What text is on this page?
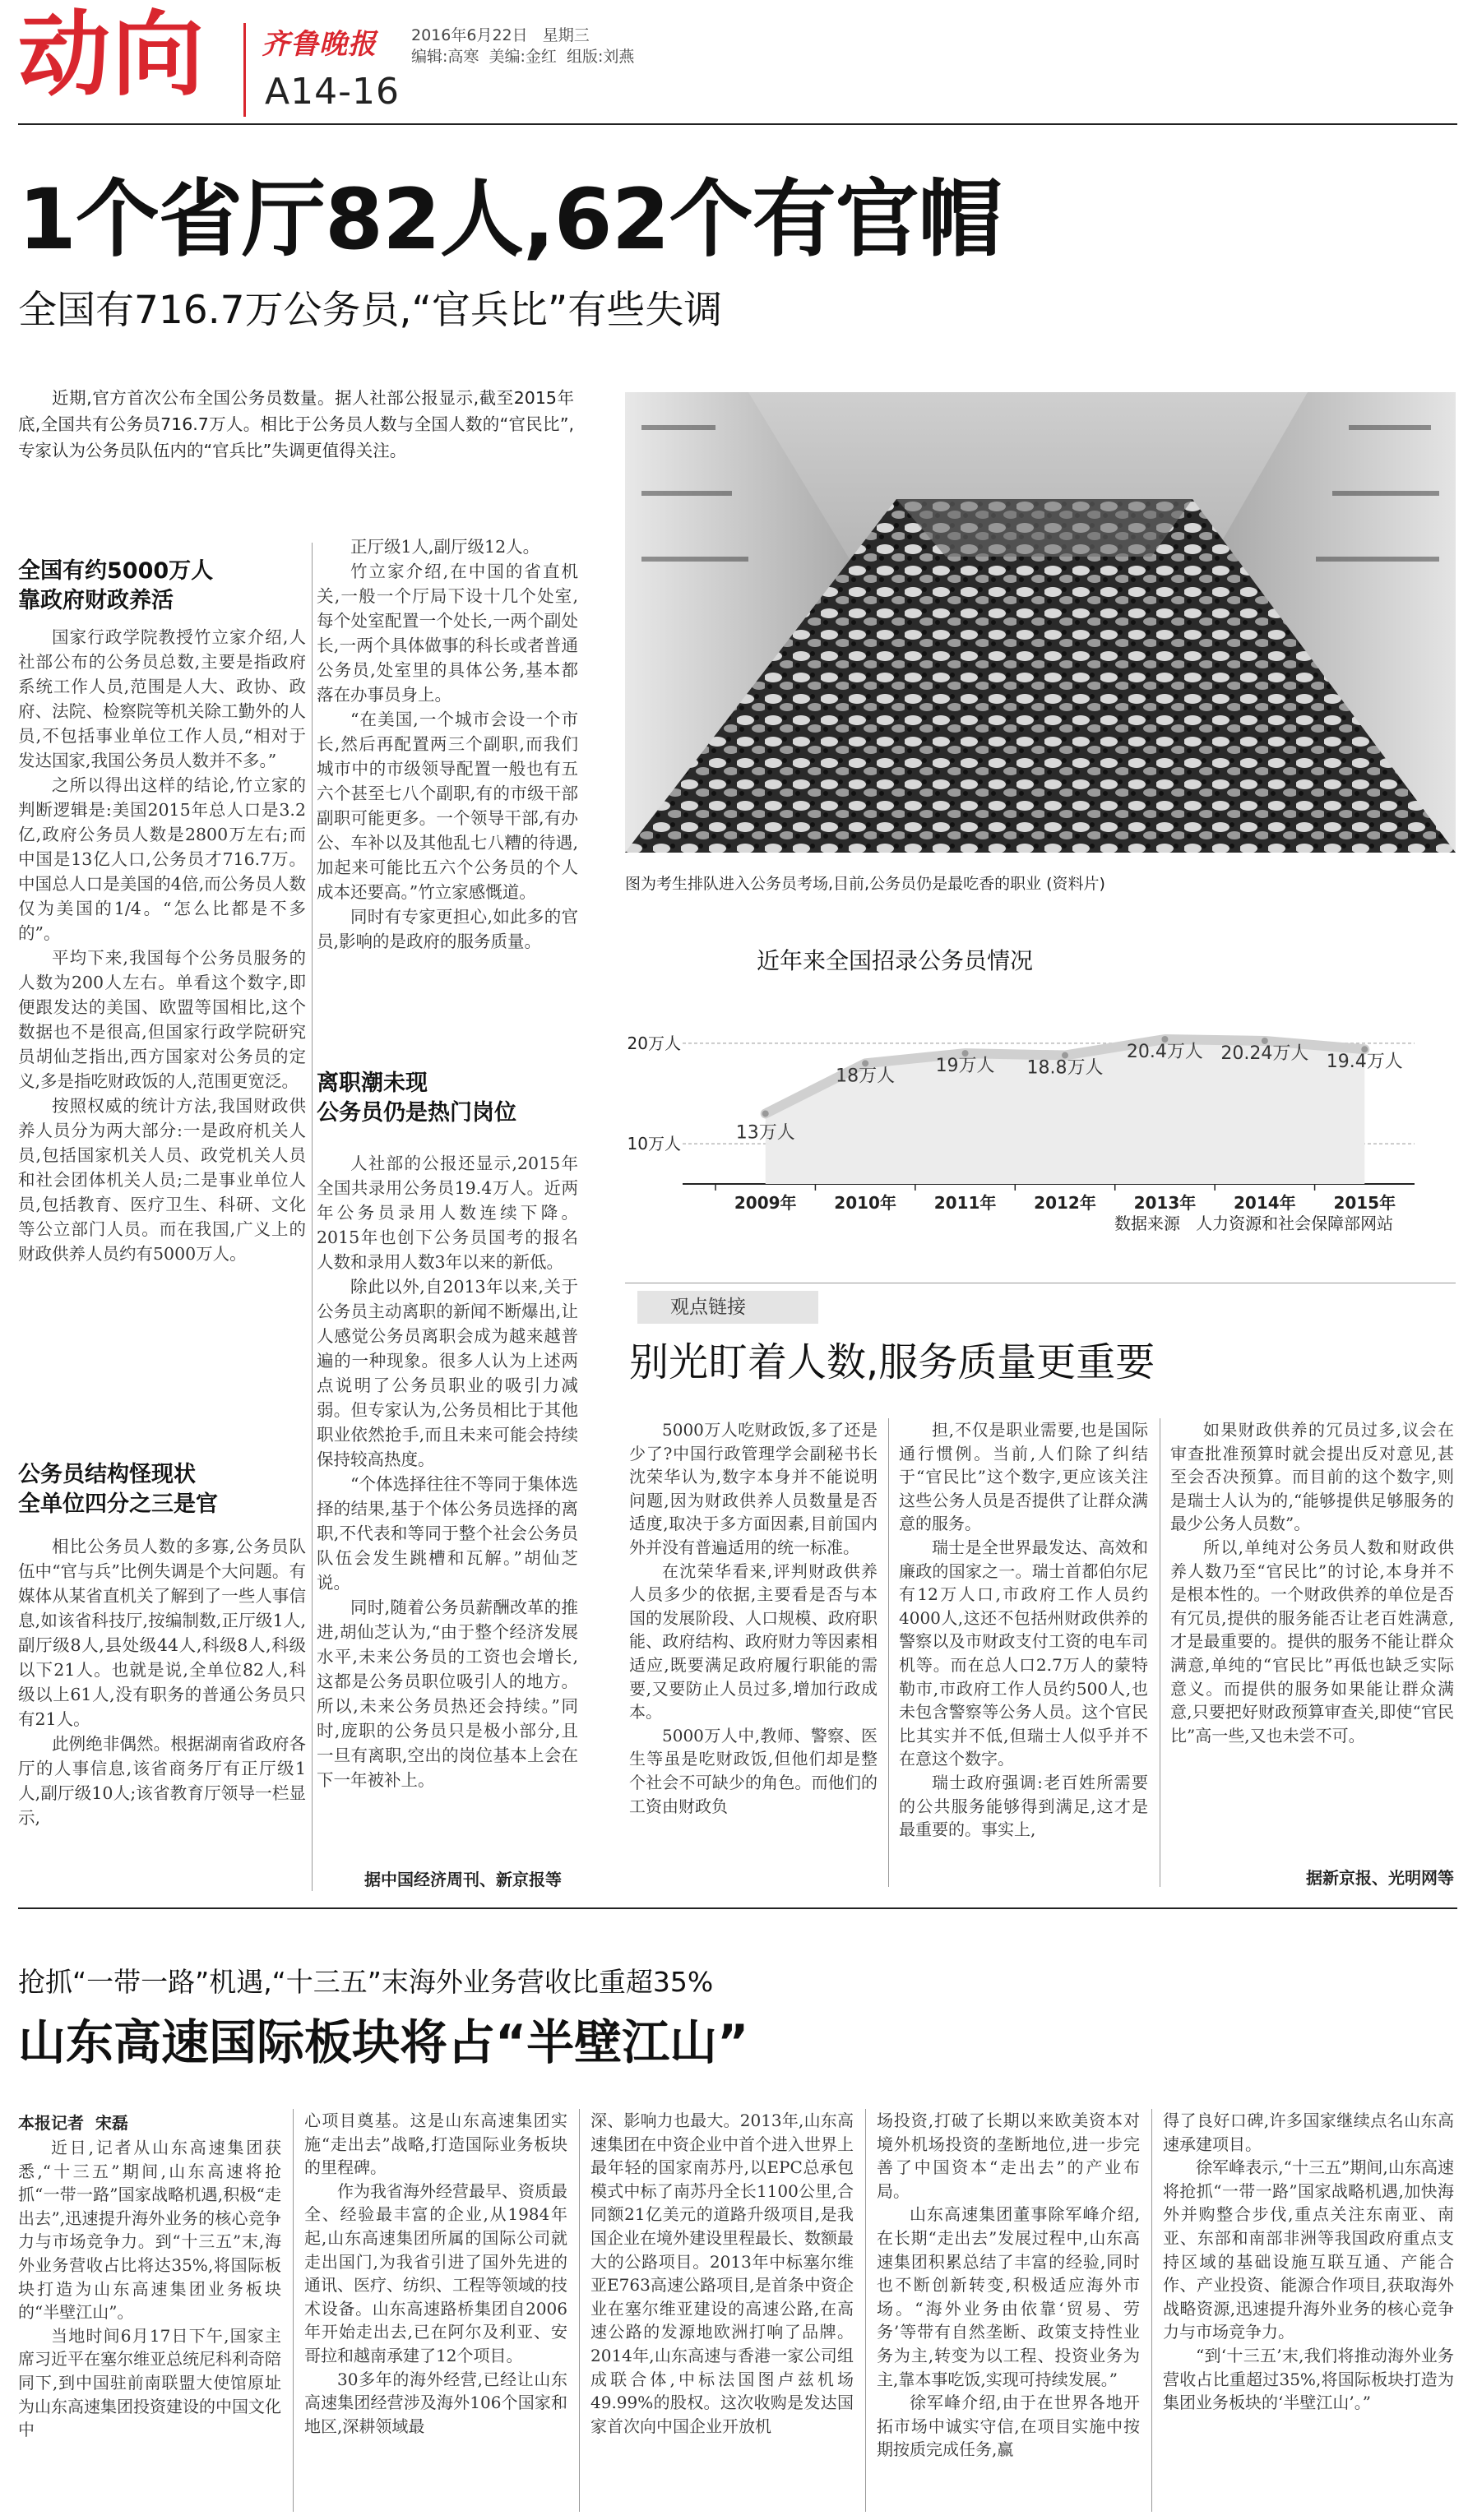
动向 齐鲁晚报 2016年6月22日 星期三
编辑:高寒  美编:金红  组版:刘燕
A14-16
1个省厅82人,62个有官帽
全国有716.7万公务员,“官兵比”有些失调
近期,官方首次公布全国公务员数量。据人社部公报显示,截至2015年底,全国共有公务员716.7万人。相比于公务员人数与全国人数的“官民比”,专家认为公务员队伍内的“官兵比”失调更值得关注。
全国有约5000万人
靠政府财政养活

国家行政学院教授竹立家介绍,人社部公布的公务员总数,主要是指政府系统工作人员,范围是人大、政协、政府、法院、检察院等机关除工勤外的人员,不包括事业单位工作人员,“相对于发达国家,我国公务员人数并不多。”

之所以得出这样的结论,竹立家的判断逻辑是:美国2015年总人口是3.2亿,政府公务员人数是2800万左右;而中国是13亿人口,公务员才716.7万。中国总人口是美国的4倍,而公务员人数仅为美国的1/4。“怎么比都是不多的”。

平均下来,我国每个公务员服务的人数为200人左右。单看这个数字,即便跟发达的美国、欧盟等国相比,这个数据也不是很高,但国家行政学院研究员胡仙芝指出,西方国家对公务员的定义,多是指吃财政饭的人,范围更宽泛。

按照权威的统计方法,我国财政供养人员分为两大部分:一是政府机关人员,包括国家机关人员、政党机关人员和社会团体机关人员;二是事业单位人员,包括教育、医疗卫生、科研、文化等公立部门人员。而在我国,广义上的财政供养人员约有5000万人。

公务员结构怪现状
全单位四分之三是官

相比公务员人数的多寡,公务员队伍中“官与兵”比例失调是个大问题。有媒体从某省直机关了解到了一些人事信息,如该省科技厅,按编制数,正厅级1人,副厅级8人,县处级44人,科级8人,科级以下21人。也就是说,全单位82人,科级以上61人,没有职务的普通公务员只有21人。

此例绝非偶然。根据湖南省政府各厅的人事信息,该省商务厅有正厅级1人,副厅级10人;该省教育厅领导一栏显示,

正厅级1人,副厅级12人。

竹立家介绍,在中国的省直机关,一般一个厅局下设十几个处室,每个处室配置一个处长,一两个副处长,一两个具体做事的科长或者普通公务员,处室里的具体公务,基本都落在办事员身上。

“在美国,一个城市会设一个市长,然后再配置两三个副职,而我们城市中的市级领导配置一般也有五六个甚至七八个副职,有的市级干部副职可能更多。一个领导干部,有办公、车补以及其他乱七八糟的待遇,加起来可能比五六个公务员的个人成本还要高。”竹立家感慨道。

同时有专家更担心,如此多的官员,影响的是政府的服务质量。

离职潮未现
公务员仍是热门岗位

人社部的公报还显示,2015年全国共录用公务员19.4万人。近两年公务员录用人数连续下降。2015年也创下公务员国考的报名人数和录用人数3年以来的新低。

除此以外,自2013年以来,关于公务员主动离职的新闻不断爆出,让人感觉公务员离职会成为越来越普遍的一种现象。很多人认为上述两点说明了公务员职业的吸引力减弱。但专家认为,公务员相比于其他职业依然抢手,而且未来可能会持续保持较高热度。

“个体选择往往不等同于集体选择的结果,基于个体公务员选择的离职,不代表和等同于整个社会公务员队伍会发生跳槽和瓦解。”胡仙芝说。

同时,随着公务员薪酬改革的推进,胡仙芝认为,“由于整个经济发展水平,未来公务员的工资也会增长,这都是公务员职位吸引人的地方。所以,未来公务员热还会持续。”同时,庞职的公务员只是极小部分,且一旦有离职,空出的岗位基本上会在下一年被补上。

据中国经济周刊、新京报等
图为考生排队进入公务员考场,目前,公务员仍是最吃香的职业 (资料片)
近年来全国招录公务员情况
13万人
18万人 19万人 18.8万人
20.4万人 20.24万人 19.4万人
2009年 2010年 2011年 2012年 2013年 2014年 2015年
10万人
20万人
数据来源   人力资源和社会保障部网站
观点链接
别光盯着人数,服务质量更重要

5000万人吃财政饭,多了还是少了?中国行政管理学会副秘书长沈荣华认为,数字本身并不能说明问题,因为财政供养人员数量是否适度,取决于多方面因素,目前国内外并没有普遍适用的统一标准。

在沈荣华看来,评判财政供养人员多少的依据,主要看是否与本国的发展阶段、人口规模、政府职能、政府结构、政府财力等因素相适应,既要满足政府履行职能的需要,又要防止人员过多,增加行政成本。

5000万人中,教师、警察、医生等虽是吃财政饭,但他们却是整个社会不可缺少的角色。而他们的工资由财政负

担,不仅是职业需要,也是国际通行惯例。当前,人们除了纠结于“官民比”这个数字,更应该关注这些公务人员是否提供了让群众满意的服务。

瑞士是全世界最发达、高效和廉政的国家之一。瑞士首都伯尔尼有12万人口,市政府工作人员约4000人,这还不包括州财政供养的警察以及市财政支付工资的电车司机等。而在总人口2.7万人的蒙特勒市,市政府工作人员约500人,也未包含警察等公务人员。这个官民比其实并不低,但瑞士人似乎并不在意这个数字。

瑞士政府强调:老百姓所需要的公共服务能够得到满足,这才是最重要的。事实上,

如果财政供养的冗员过多,议会在审查批准预算时就会提出反对意见,甚至会否决预算。而目前的这个数字,则是瑞士人认为的,“能够提供足够服务的最少公务人员数”。

所以,单纯对公务员人数和财政供养人数乃至“官民比”的讨论,本身并不是根本性的。一个财政供养的单位是否有冗员,提供的服务能否让老百姓满意,才是最重要的。提供的服务不能让群众满意,单纯的“官民比”再低也缺乏实际意义。而提供的服务如果能让群众满意,只要把好财政预算审查关,即使“官民比”高一些,又也未尝不可。

据新京报、光明网等
抢抓“一带一路”机遇,“十三五”末海外业务营收比重超35%
山东高速国际板块将占“半壁江山”
本报记者  宋磊

近日,记者从山东高速集团获悉,“十三五”期间,山东高速将抢抓“一带一路”国家战略机遇,积极“走出去”,迅速提升海外业务的核心竞争力与市场竞争力。到“十三五”末,海外业务营收占比将达35%,将国际板块打造为山东高速集团业务板块的“半壁江山”。

当地时间6月17日下午,国家主席习近平在塞尔维亚总统尼科利奇陪同下,到中国驻前南联盟大使馆原址为山东高速集团投资建设的中国文化中

心项目奠基。这是山东高速集团实施“走出去”战略,打造国际业务板块的里程碑。

作为我省海外经营最早、资质最全、经验最丰富的企业,从1984年起,山东高速集团所属的国际公司就走出国门,为我省引进了国外先进的通讯、医疗、纺织、工程等领域的技术设备。山东高速路桥集团自2006年开始走出去,已在阿尔及利亚、安哥拉和越南承建了12个项目。

30多年的海外经营,已经让山东高速集团经营涉及海外106个国家和地区,深耕领域最

深、影响力也最大。2013年,山东高速集团在中资企业中首个进入世界上最年轻的国家南苏丹,以EPC总承包模式中标了南苏丹全长1100公里,合同额21亿美元的道路升级项目,是我国企业在境外建设里程最长、数额最大的公路项目。2013年中标塞尔维亚E763高速公路项目,是首条中资企业在塞尔维亚建设的高速公路,在高速公路的发源地欧洲打响了品牌。2014年,山东高速与香港一家公司组成联合体,中标法国图卢兹机场49.99%的股权。这次收购是发达国家首次向中国企业开放机

场投资,打破了长期以来欧美资本对境外机场投资的垄断地位,进一步完善了中国资本“走出去”的产业布局。

山东高速集团董事除军峰介绍,在长期“走出去”发展过程中,山东高速集团积累总结了丰富的经验,同时也不断创新转变,积极适应海外市场。“海外业务由依靠‘贸易、劳务’等带有自然垄断、政策支持性业务为主,转变为以工程、投资业务为主,靠本事吃饭,实现可持续发展。”

徐军峰介绍,由于在世界各地开拓市场中诚实守信,在项目实施中按期按质完成任务,赢

得了良好口碑,许多国家继续点名山东高速承建项目。

徐军峰表示,“十三五”期间,山东高速将抢抓“一带一路”国家战略机遇,加快海外并购整合步伐,重点关注东南亚、南亚、东部和南部非洲等我国政府重点支持区域的基础设施互联互通、产能合作、产业投资、能源合作项目,获取海外战略资源,迅速提升海外业务的核心竞争力与市场竞争力。

“到‘十三五’末,我们将推动海外业务营收占比重超过35%,将国际板块打造为集团业务板块的‘半壁江山’。”
